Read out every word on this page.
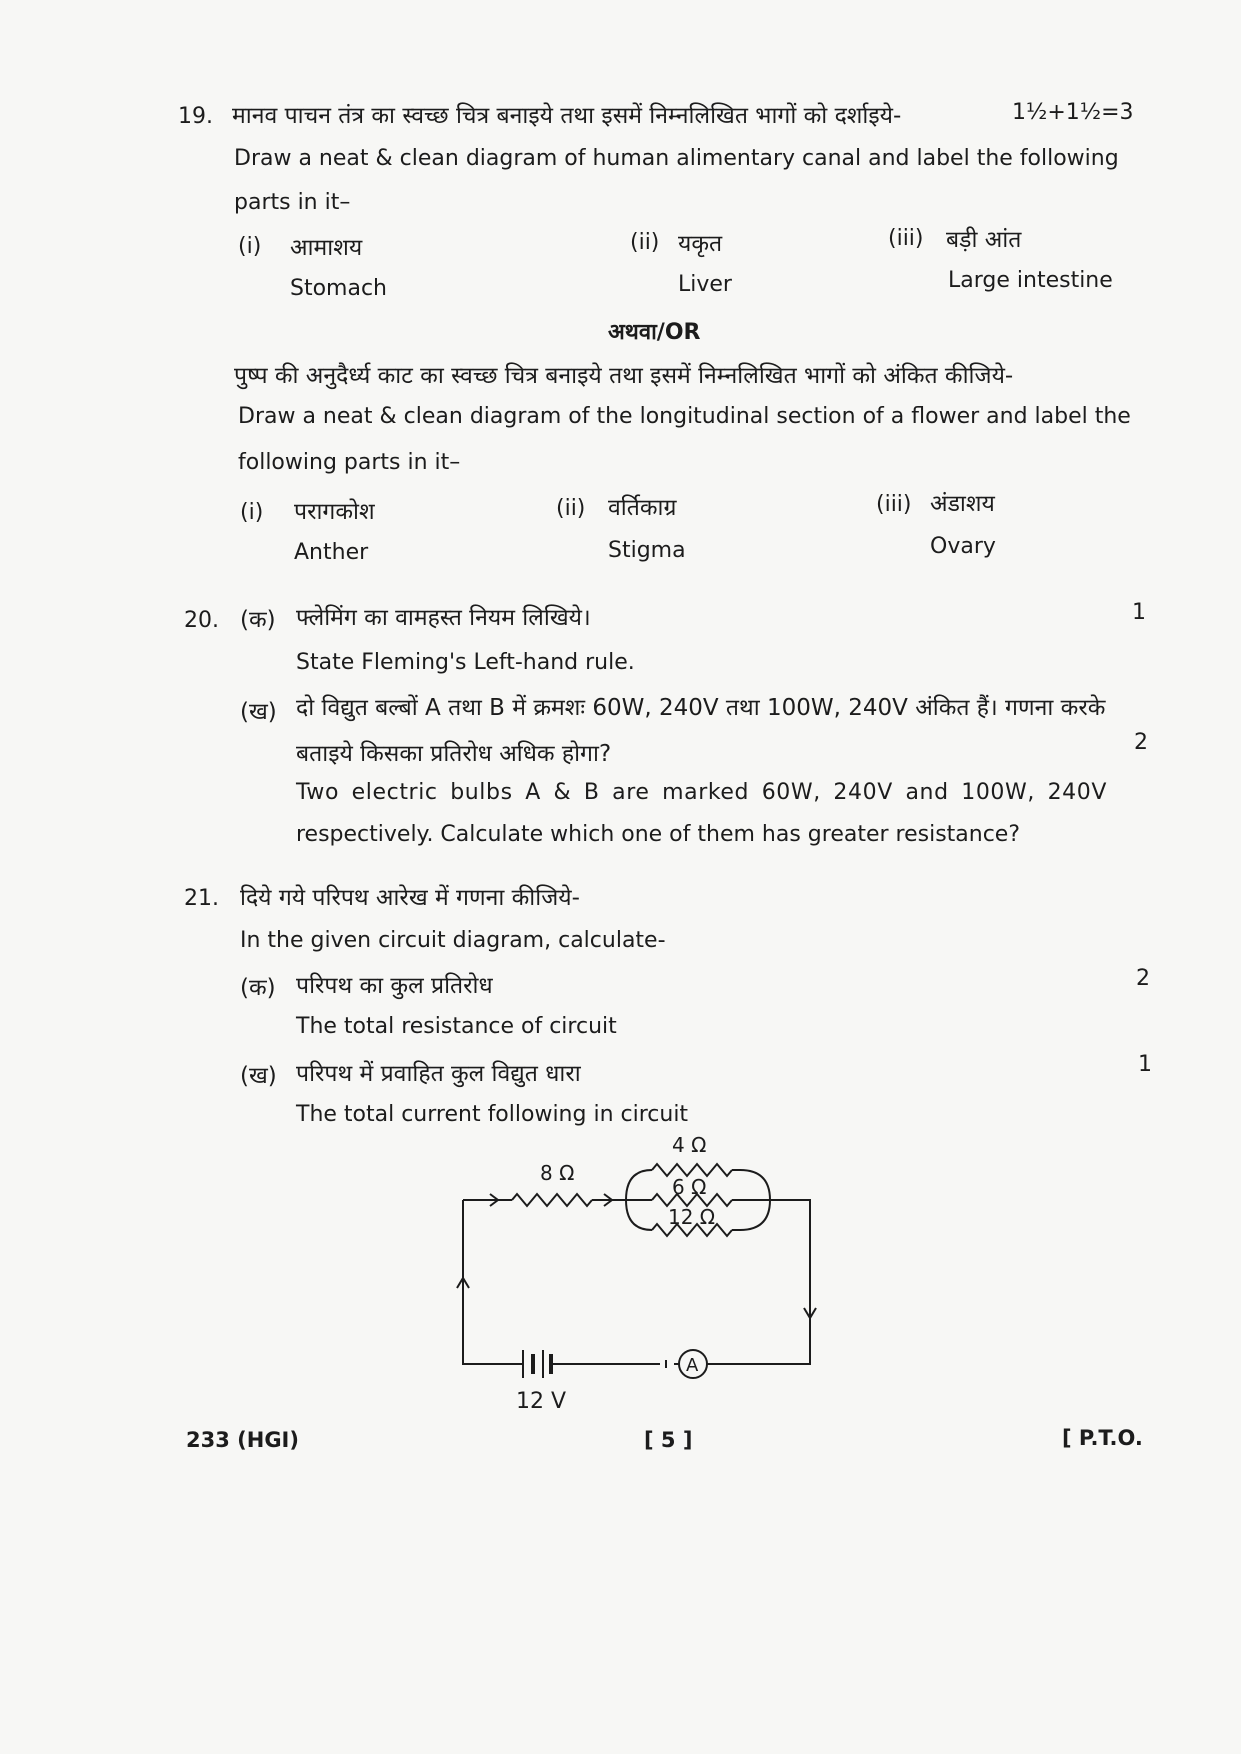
19. मानव पाचन तंत्र का स्वच्छ चित्र बनाइये तथा इसमें निम्नलिखित भागों को दर्शाइये-	1½+1½=3
Draw a neat & clean diagram of human alimentary canal and label the following
parts in it–
(i) आमाशय
Stomach
(ii) यकृत
Liver
(iii) बड़ी आंत
Large intestine
अथवा/OR
पुष्प की अनुदैर्ध्य काट का स्वच्छ चित्र बनाइये तथा इसमें निम्नलिखित भागों को अंकित कीजिये-
Draw a neat & clean diagram of the longitudinal section of a flower and label the
following parts in it–
(i) परागकोश
Anther
(ii) वर्तिकाग्र
Stigma
(iii) अंडाशय
Ovary
20. (क) फ्लेमिंग का वामहस्त नियम लिखिये।	1
State Fleming's Left-hand rule.
(ख) दो विद्युत बल्बों A तथा B में क्रमशः 60W, 240V तथा 100W, 240V अंकित हैं। गणना करके
बताइये किसका प्रतिरोध अधिक होगा?	2
Two electric bulbs A & B are marked 60W, 240V and 100W, 240V
respectively. Calculate which one of them has greater resistance?
21. दिये गये परिपथ आरेख में गणना कीजिये-
In the given circuit diagram, calculate-
(क) परिपथ का कुल प्रतिरोध	2
The total resistance of circuit
(ख) परिपथ में प्रवाहित कुल विद्युत धारा	1
The total current following in circuit
8 Ω
4 Ω
6 Ω
12 Ω
A
12 V
233 (HGI)	[ 5 ]	[ P.T.O.
